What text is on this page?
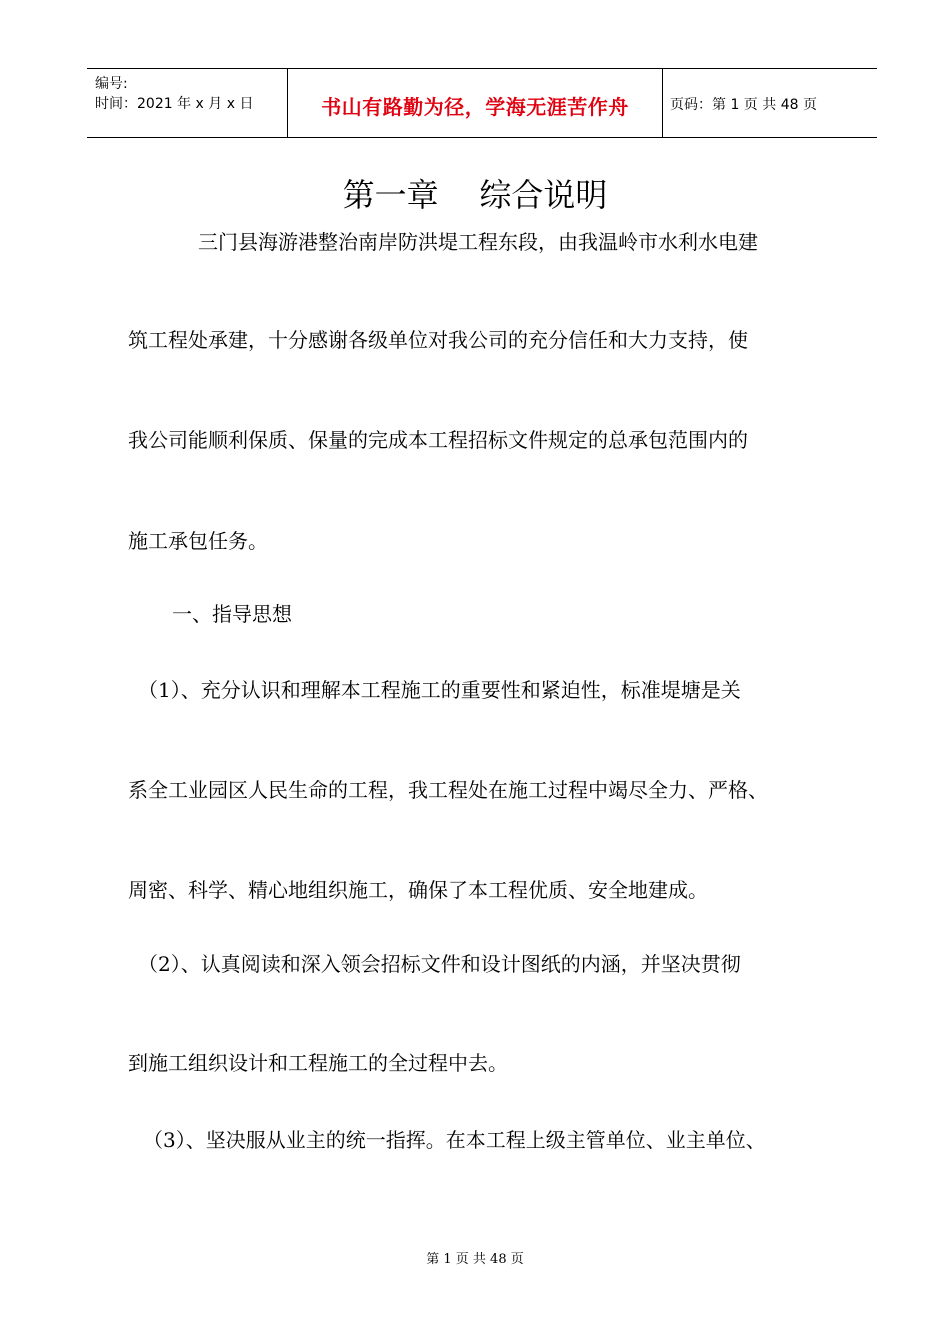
编号:
时间：2021 年 x 月 x 日	书山有路勤为径，学海无涯苦作舟	页码：第 1 页 共 48 页
第一章    综合说明
三门县海游港整治南岸防洪堤工程东段，由我温岭市水利水电建
筑工程处承建，十分感谢各级单位对我公司的充分信任和大力支持，使
我公司能顺利保质、保量的完成本工程招标文件规定的总承包范围内的
施工承包任务。
一、指导思想
（1）、充分认识和理解本工程施工的重要性和紧迫性，标准堤塘是关
系全工业园区人民生命的工程，我工程处在施工过程中竭尽全力、严格、
周密、科学、精心地组织施工，确保了本工程优质、安全地建成。
（2）、认真阅读和深入领会招标文件和设计图纸的内涵，并坚决贯彻
到施工组织设计和工程施工的全过程中去。
（3）、坚决服从业主的统一指挥。在本工程上级主管单位、业主单位、
第 1 页 共 48 页
